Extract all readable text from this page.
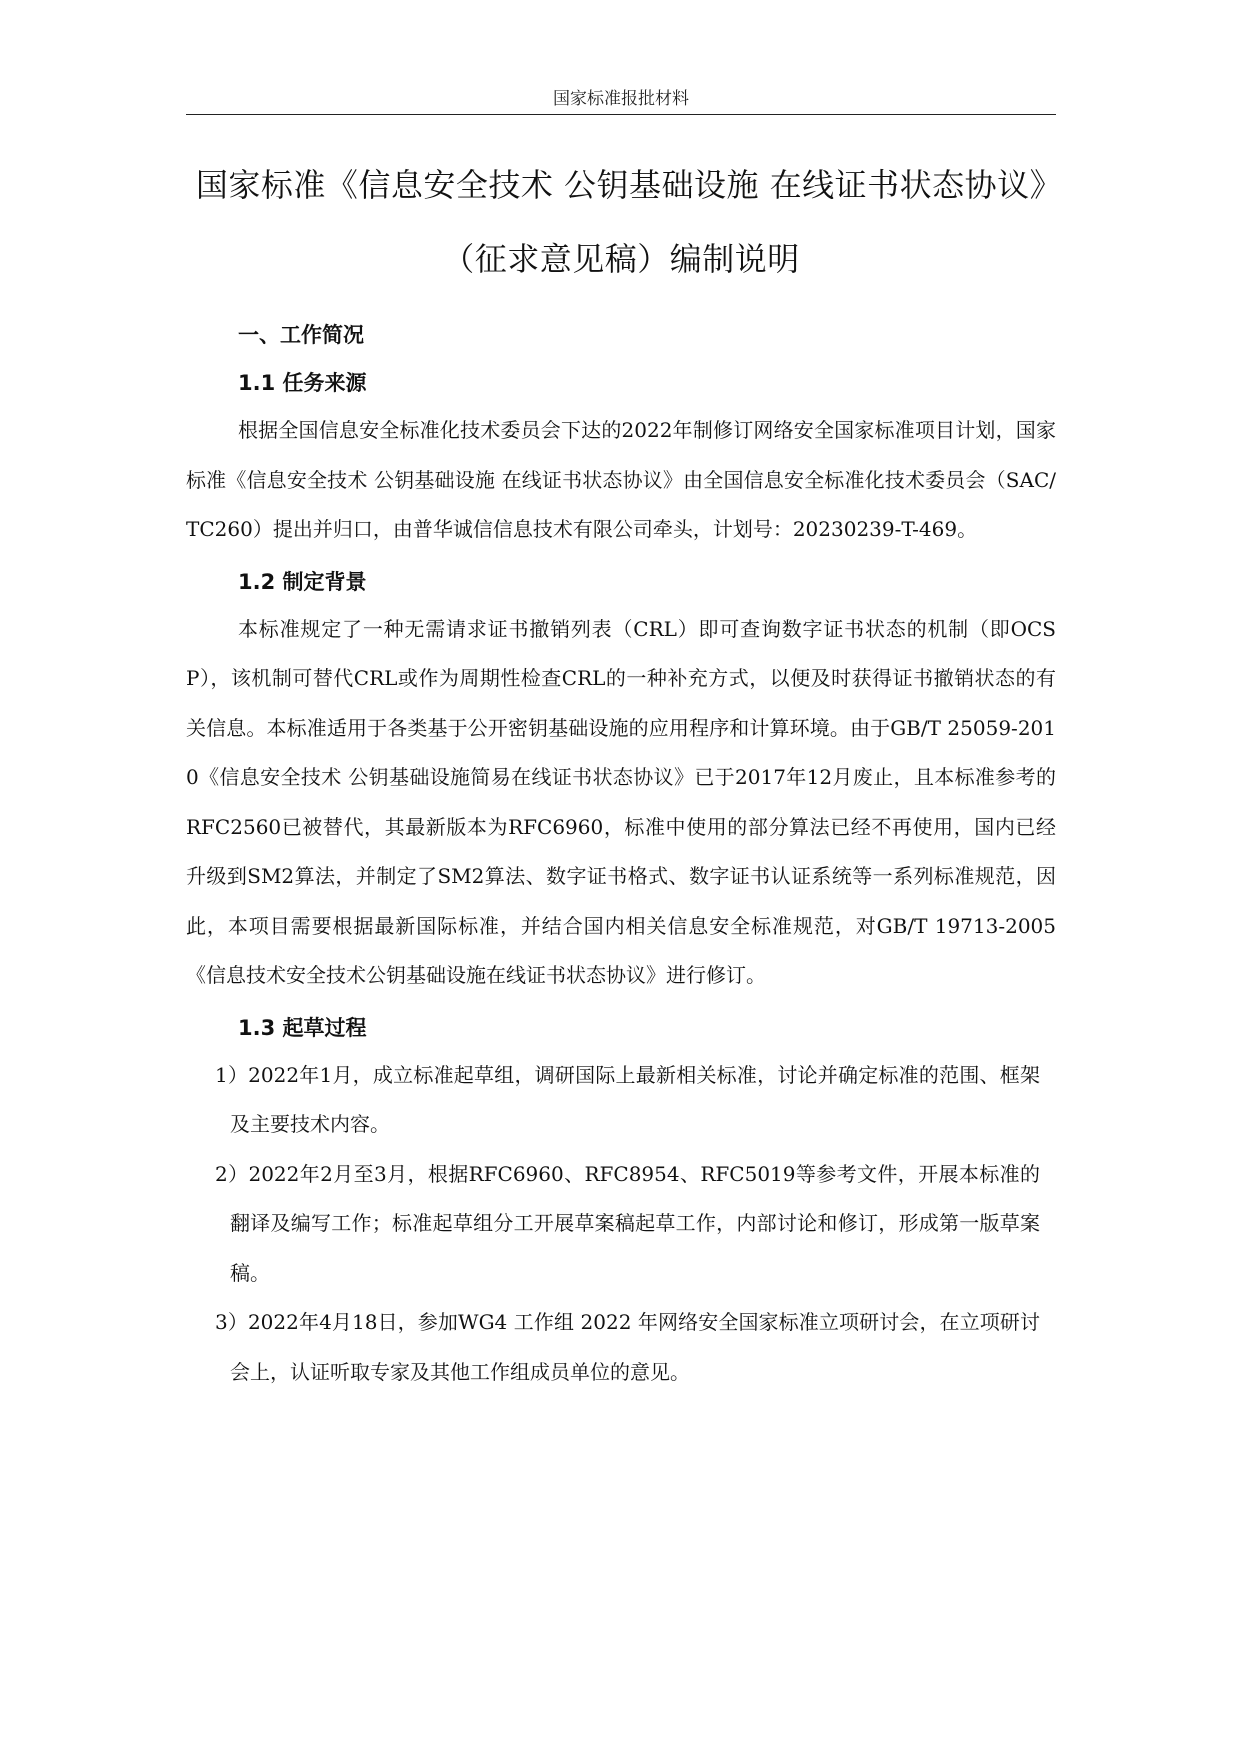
国家标准报批材料
国家标准《信息安全技术 公钥基础设施 在线证书状态协议》（征求意见稿）编制说明
一、工作简况
1.1 任务来源

根据全国信息安全标准化技术委员会下达的2022年制修订网络安全国家标准项目计划，国家标准《信息安全技术 公钥基础设施 在线证书状态协议》由全国信息安全标准化技术委员会（SAC/TC260）提出并归口，由普华诚信信息技术有限公司牵头，计划号：20230239-T-469。

1.2 制定背景

本标准规定了一种无需请求证书撤销列表（CRL）即可查询数字证书状态的机制（即OCSP），该机制可替代CRL或作为周期性检查CRL的一种补充方式，以便及时获得证书撤销状态的有关信息。本标准适用于各类基于公开密钥基础设施的应用程序和计算环境。由于GB/T 25059-2010《信息安全技术 公钥基础设施简易在线证书状态协议》已于2017年12月废止，且本标准参考的RFC2560已被替代，其最新版本为RFC6960，标准中使用的部分算法已经不再使用，国内已经升级到SM2算法，并制定了SM2算法、数字证书格式、数字证书认证系统等一系列标准规范，因此，本项目需要根据最新国际标准，并结合国内相关信息安全标准规范，对GB/T 19713-2005《信息技术安全技术公钥基础设施在线证书状态协议》进行修订。

1.3 起草过程

1）2022年1月，成立标准起草组，调研国际上最新相关标准，讨论并确定标准的范围、框架及主要技术内容。

2）2022年2月至3月，根据RFC6960、RFC8954、RFC5019等参考文件，开展本标准的翻译及编写工作；标准起草组分工开展草案稿起草工作，内部讨论和修订，形成第一版草案稿。

3）2022年4月18日，参加WG4 工作组 2022 年网络安全国家标准立项研讨会，在立项研讨会上，认证听取专家及其他工作组成员单位的意见。
